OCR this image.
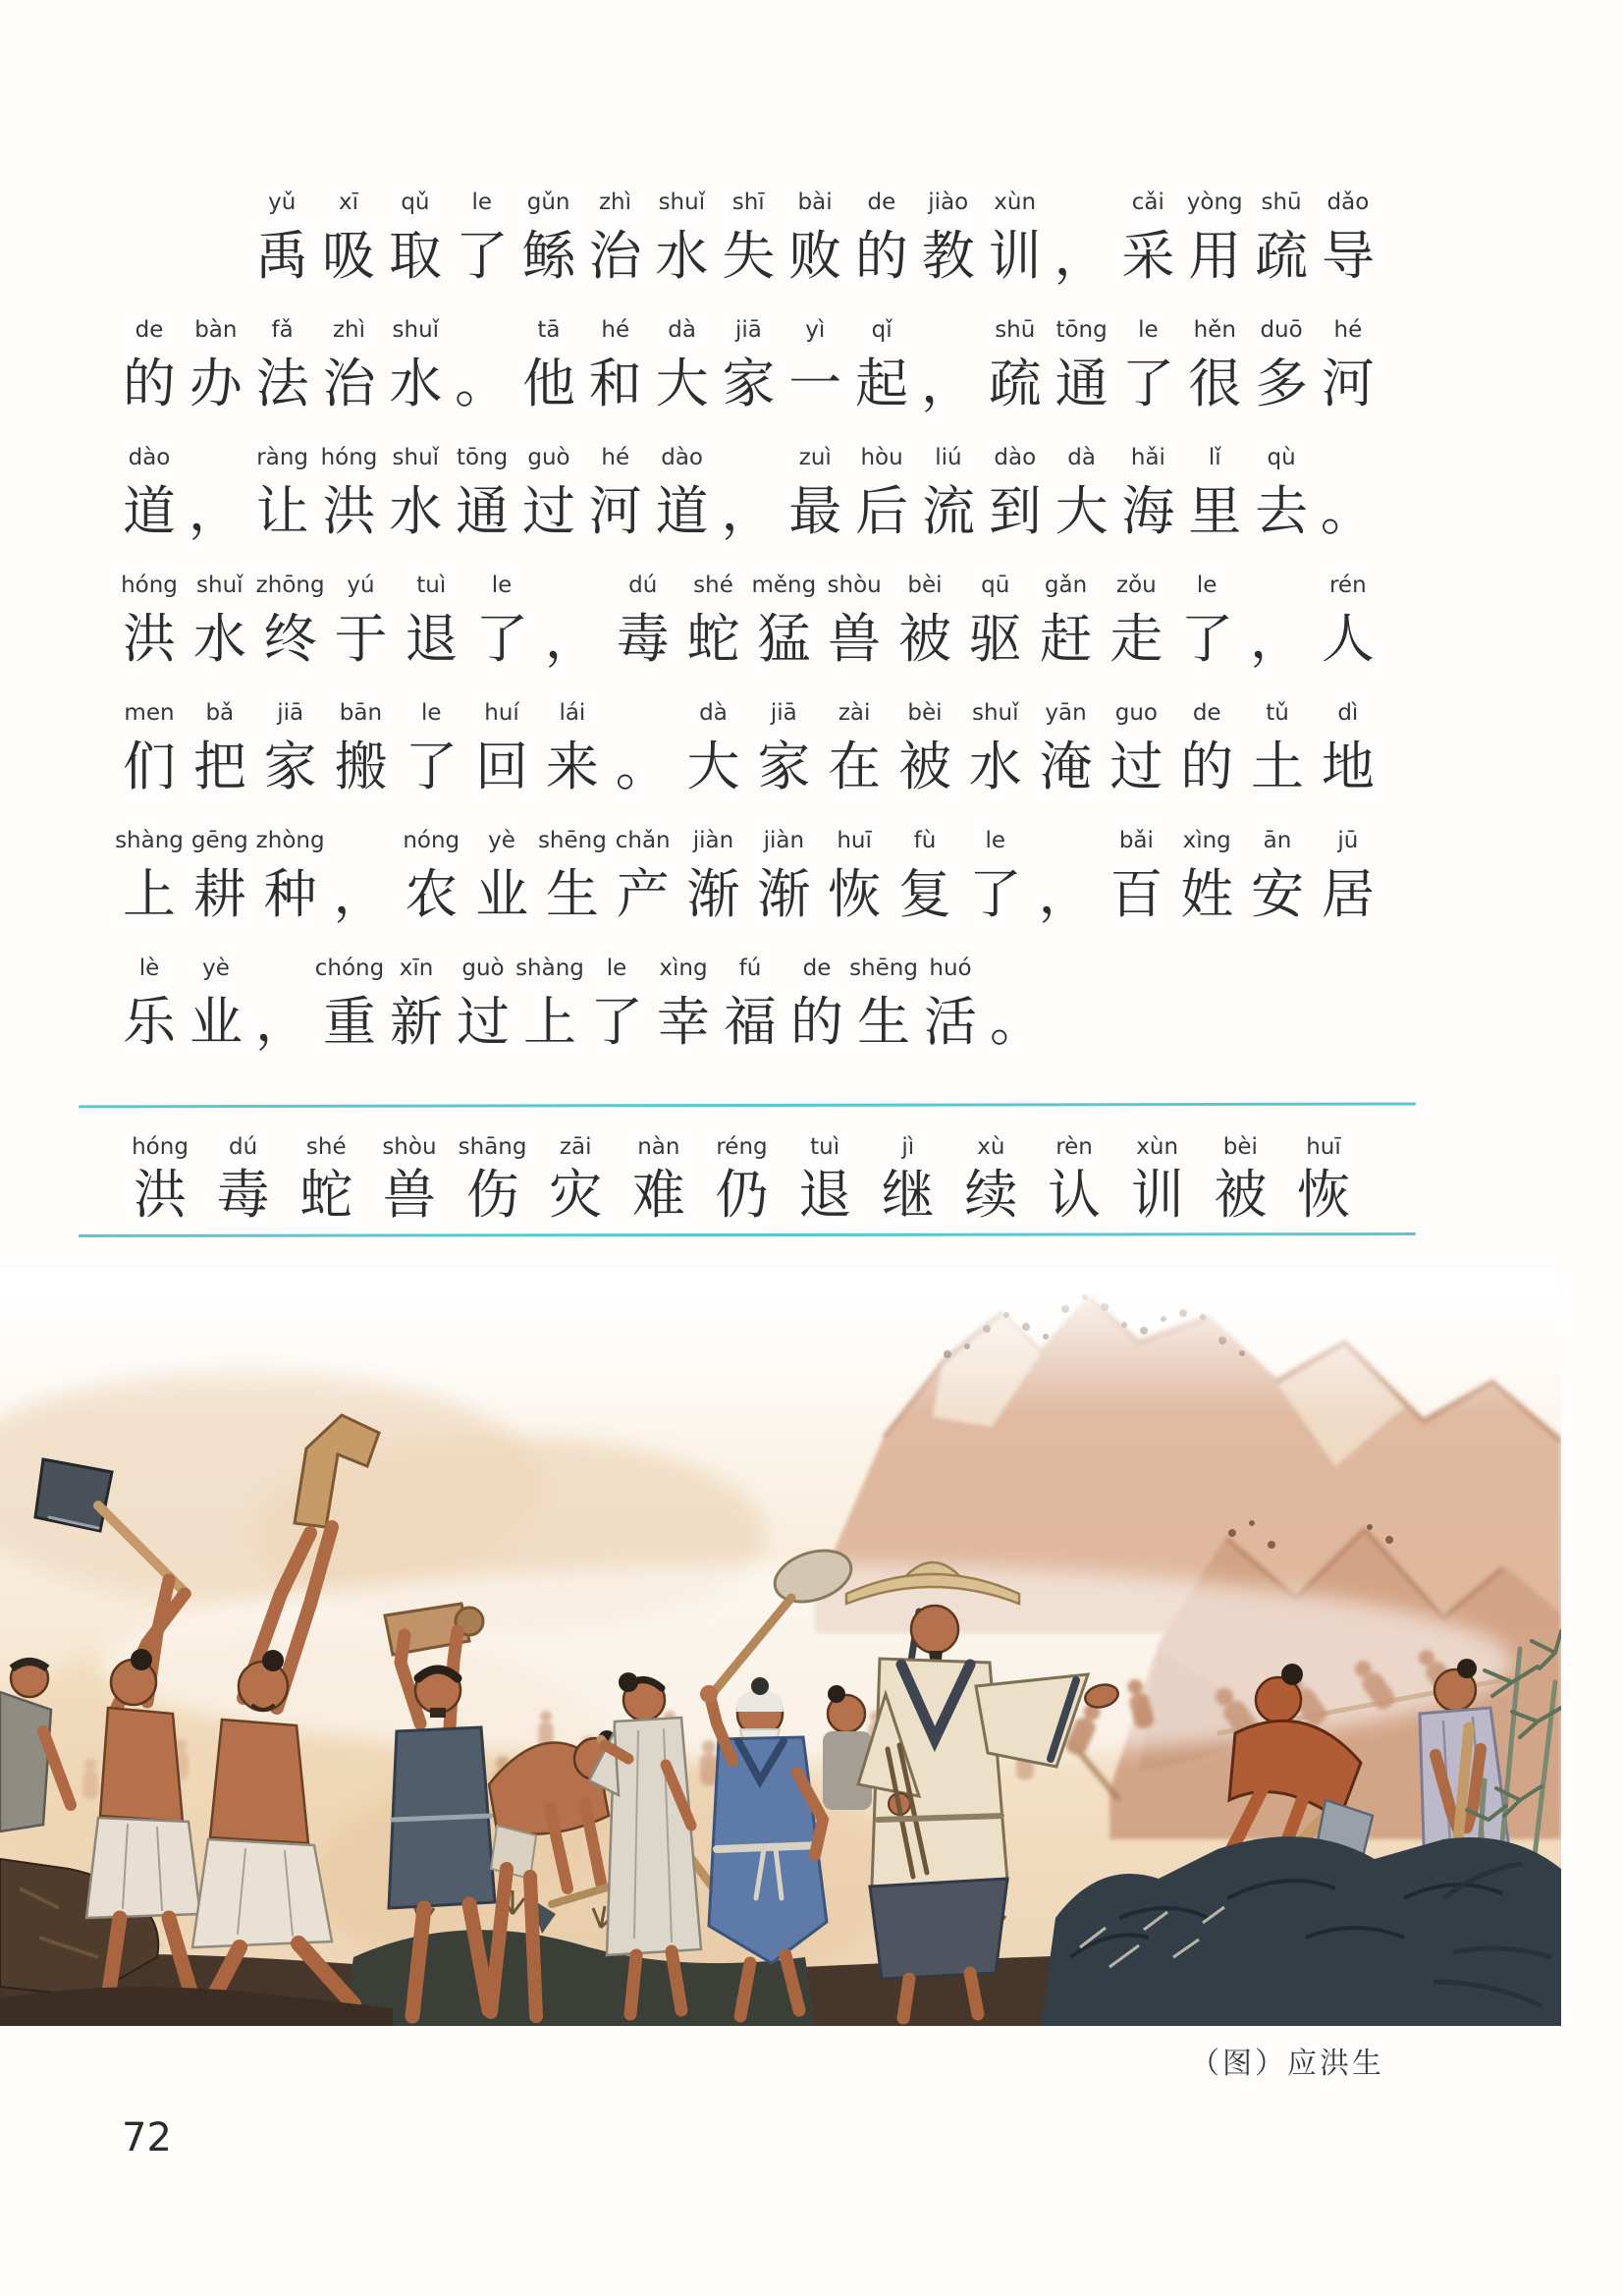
yǔ
禹
xī
吸
qǔ
取
le
了
gǔn
鲧
zhì
治
shuǐ
水
shī
失
bài
败
de
的
jiào
教
xùn
训 ，
cǎi
采
yòng
用
shū
疏
dǎo
导
de
的
bàn
办
fǎ
法
zhì
治
shuǐ
水 。
tā
他
hé
和
dà
大
jiā
家
yì
一
qǐ
起 ，
shū
疏
tōng
通
le
了
hěn
很
duō
多
hé
河
dào
道 ，
ràng
让
hóng
洪
shuǐ
水
tōng
通
guò
过
hé
河
dào
道 ，
zuì
最
hòu
后
liú
流
dào
到
dà
大
hǎi
海
lǐ
里
qù
去 。
hóng
洪
shuǐ
水
zhōng
终
yú
于
tuì
退
le
了 ，
dú
毒
shé
蛇
měng
猛
shòu
兽
bèi
被
qū
驱
gǎn
赶
zǒu
走
le
了 ，
rén
人
men
们
bǎ
把
jiā
家
bān
搬
le
了
huí
回
lái
来 。
dà
大
jiā
家
zài
在
bèi
被
shuǐ
水
yān
淹
guo
过
de
的
tǔ
土
dì
地
shàng
上
gēng
耕
zhòng
种 ，
nóng
农
yè
业
shēng
生
chǎn
产
jiàn
渐
jiàn
渐
huī
恢
fù
复
le
了 ，
bǎi
百
xìng
姓
ān
安
jū
居
lè
乐
yè
业 ，
chóng
重
xīn
新
guò
过
shàng
上
le
了
xìng
幸
fú
福
de
的
shēng
生
huó
活 。
hóng
洪
dú
毒
shé
蛇
shòu
兽
shāng
伤
zāi
灾
nàn
难
réng
仍
tuì
退
jì
继
xù
续
rèn
认
xùn
训
bèi
被
huī
恢
（图）应洪生
72
